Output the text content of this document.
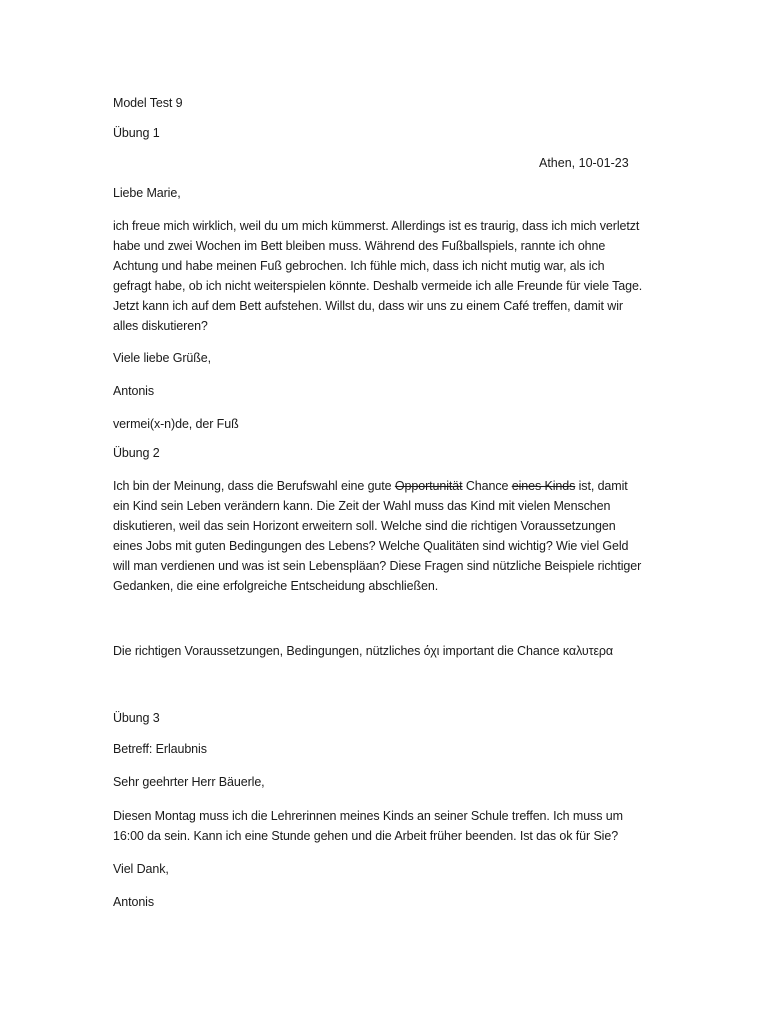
Model Test 9

Übung 1

Athen, 10-01-23

Liebe Marie,

ich freue mich wirklich, weil du um mich kümmerst. Allerdings ist es traurig, dass ich mich verletzt habe und zwei Wochen im Bett bleiben muss. Während des Fußballspiels, rannte ich ohne Achtung und habe meinen Fuß gebrochen. Ich fühle mich, dass ich nicht mutig war, als ich gefragt habe, ob ich nicht weiterspielen könnte. Deshalb vermeide ich alle Freunde für viele Tage. Jetzt kann ich auf dem Bett aufstehen. Willst du, dass wir uns zu einem Café treffen, damit wir alles diskutieren?

Viele liebe Grüße,

Antonis

vermei(x-n)de, der Fuß

Übung 2

Ich bin der Meinung, dass die Berufswahl eine gute Opportunität Chance eines Kinds ist, damit ein Kind sein Leben verändern kann. Die Zeit der Wahl muss das Kind mit vielen Menschen diskutieren, weil das sein Horizont erweitern soll. Welche sind die richtigen Voraussetzungen eines Jobs mit guten Bedingungen des Lebens? Welche Qualitäten sind wichtig? Wie viel Geld will man verdienen und was ist sein Lebenspläan? Diese Fragen sind nützliche Beispiele richtiger Gedanken, die eine erfolgreiche Entscheidung abschließen.

Die richtigen Voraussetzungen, Bedingungen, nützliches όχι important die Chance καλυτερα

Übung 3

Betreff: Erlaubnis

Sehr geehrter Herr Bäuerle,

Diesen Montag muss ich die Lehrerinnen meines Kinds an seiner Schule treffen. Ich muss um 16:00 da sein. Kann ich eine Stunde gehen und die Arbeit früher beenden. Ist das ok für Sie?

Viel Dank,

Antonis
